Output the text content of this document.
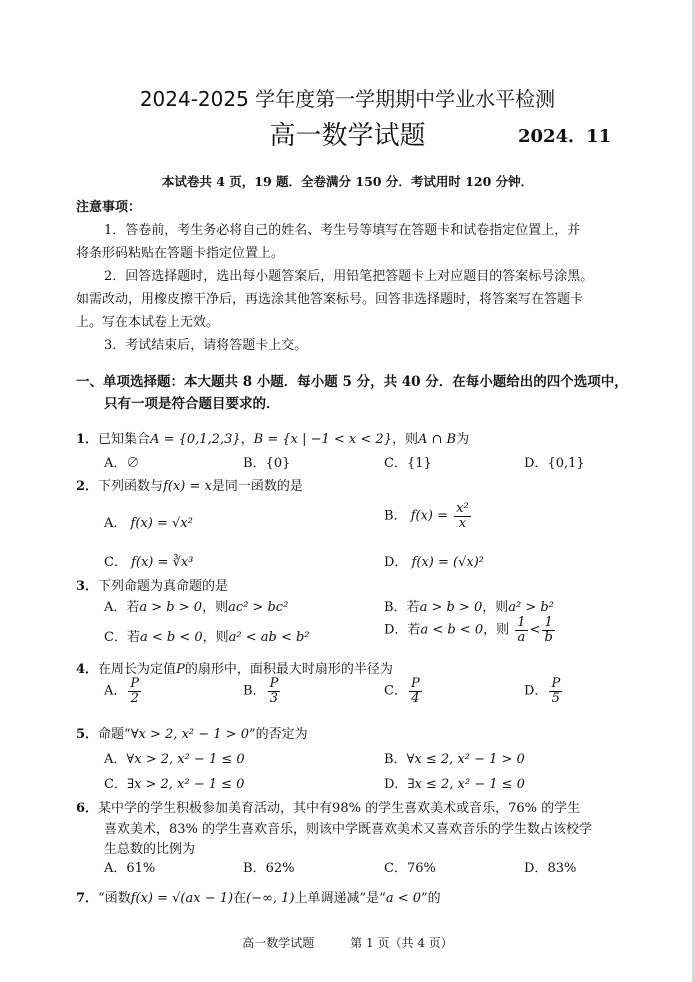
2024-2025 学年度第一学期期中学业水平检测
高一数学试题	2024．11
本试卷共 4 页，19 题．全卷满分 150 分．考试用时 120 分钟．
注意事项：
1．答卷前，考生务必将自己的姓名、考生号等填写在答题卡和试卷指定位置上，并
将条形码粘贴在答题卡指定位置上。
2．回答选择题时，选出每小题答案后，用铅笔把答题卡上对应题目的答案标号涂黑。
如需改动，用橡皮擦干净后，再选涂其他答案标号。回答非选择题时，将答案写在答题卡
上。写在本试卷上无效。
3．考试结束后，请将答题卡上交。
一、单项选择题：本大题共 8 小题．每小题 5 分，共 40 分．在每小题给出的四个选项中，
只有一项是符合题目要求的．
1．已知集合A = {0,1,2,3}，B = {x | −1 < x < 2}，则A ∩ B为
A．∅	B．{0}	C．{1}	D．{0,1}
2．下列函数与f(x) = x是同一函数的是
A． f(x) = √x²	B． $f(x) = \frac{\text{x²}}{x}$
C． f(x) = ∛x³	D． f(x) = (√x)²
3．下列命题为真命题的是
A．若a > b > 0，则ac² > bc²	B．若a > b > 0，则a² > b²
C．若a < b < 0，则a² < ab < b²	D．若a < b < 0，则 $\frac{1}{a} < \frac{1}{b}$
4．在周长为定值P的扇形中，面积最大时扇形的半径为
A． $\frac{P}{2}$	B． $\frac{P}{3}$	C． $\frac{P}{4}$	D． $\frac{P}{5}$
5．命题“∀x > 2, x² − 1 > 0”的否定为
A．∀x > 2, x² − 1 ≤ 0	B．∀x ≤ 2, x² − 1 > 0
C．∃x > 2, x² − 1 ≤ 0	D．∃x ≤ 2, x² − 1 ≤ 0
6．某中学的学生积极参加美育活动，其中有98% 的学生喜欢美术或音乐，76% 的学生
喜欢美术，83% 的学生喜欢音乐，则该中学既喜欢美术又喜欢音乐的学生数占该校学
生总数的比例为
A．61%	B．62%	C．76%	D．83%
7．“函数f(x) = √(ax − 1)在(−∞, 1)上单调递减”是“a < 0”的
高一数学试题　　　第 1 页（共 4 页）
